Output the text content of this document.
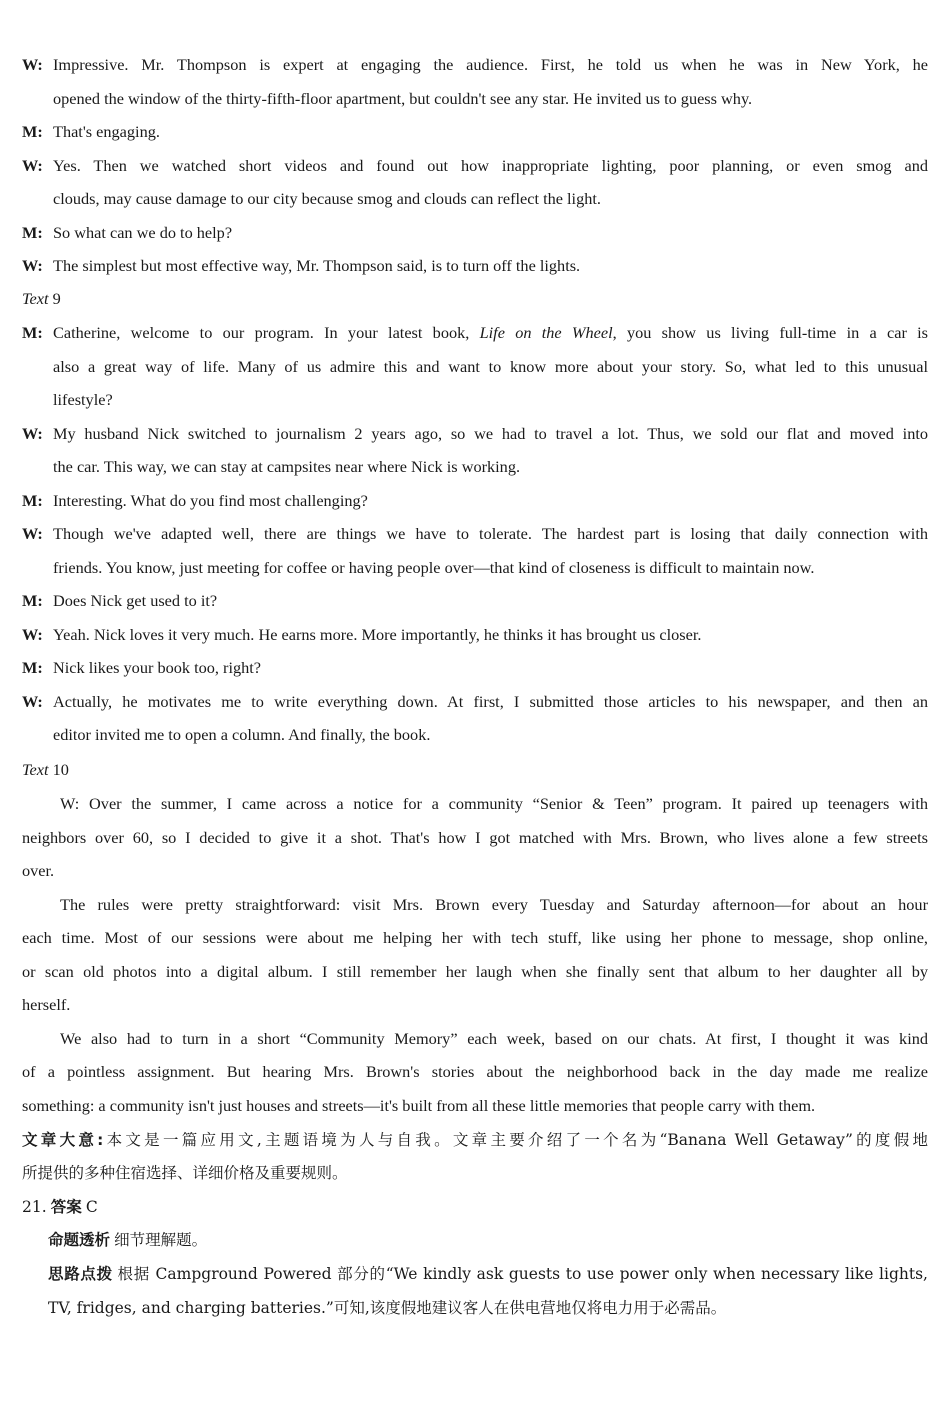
W: Impressive. Mr. Thompson is expert at engaging the audience. First, he told us when he was in New York, he
opened the window of the thirty-fifth-floor apartment, but couldn't see any star. He invited us to guess why.
M: That's engaging.
W: Yes. Then we watched short videos and found out how inappropriate lighting, poor planning, or even smog and
clouds, may cause damage to our city because smog and clouds can reflect the light.
M: So what can we do to help?
W: The simplest but most effective way, Mr. Thompson said, is to turn off the lights.
Text 9
M: Catherine, welcome to our program. In your latest book, Life on the Wheel, you show us living full-time in a car is
also a great way of life. Many of us admire this and want to know more about your story. So, what led to this unusual
lifestyle?
W: My husband Nick switched to journalism 2 years ago, so we had to travel a lot. Thus, we sold our flat and moved into
the car. This way, we can stay at campsites near where Nick is working.
M: Interesting. What do you find most challenging?
W: Though we've adapted well, there are things we have to tolerate. The hardest part is losing that daily connection with
friends. You know, just meeting for coffee or having people over—that kind of closeness is difficult to maintain now.
M: Does Nick get used to it?
W: Yeah. Nick loves it very much. He earns more. More importantly, he thinks it has brought us closer.
M: Nick likes your book too, right?
W: Actually, he motivates me to write everything down. At first, I submitted those articles to his newspaper, and then an
editor invited me to open a column. And finally, the book.
Text 10
W: Over the summer, I came across a notice for a community “Senior & Teen” program. It paired up teenagers with
neighbors over 60, so I decided to give it a shot. That's how I got matched with Mrs. Brown, who lives alone a few streets
over.
The rules were pretty straightforward: visit Mrs. Brown every Tuesday and Saturday afternoon—for about an hour
each time. Most of our sessions were about me helping her with tech stuff, like using her phone to message, shop online,
or scan old photos into a digital album. I still remember her laugh when she finally sent that album to her daughter all by
herself.
We also had to turn in a short “Community Memory” each week, based on our chats. At first, I thought it was kind
of a pointless assignment. But hearing Mrs. Brown's stories about the neighborhood back in the day made me realize
something: a community isn't just houses and streets—it's built from all these little memories that people carry with them.
文章大意:本文是一篇应用文,主题语境为人与自我。文章主要介绍了一个名为“Banana Well Getaway”的度假地
所提供的多种住宿选择、详细价格及重要规则。
21. 答案 C
命题透析 细节理解题。
思路点拨 根据 Campground Powered 部分的“We kindly ask guests to use power only when necessary like lights,
TV, fridges, and charging batteries.”可知,该度假地建议客人在供电营地仅将电力用于必需品。
